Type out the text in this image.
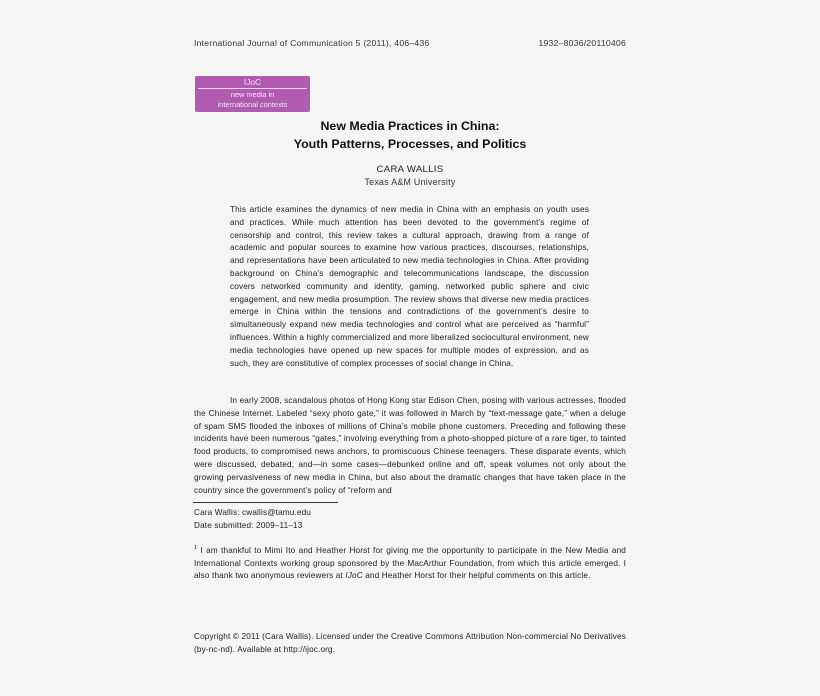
International Journal of Communication 5 (2011), 406–436	1932–8036/20110406
IJoC
new media in
international contexts
New Media Practices in China:
Youth Patterns, Processes, and Politics
CARA WALLIS
Texas A&M University

This article examines the dynamics of new media in China with an emphasis on youth uses and practices. While much attention has been devoted to the government’s regime of censorship and control, this review takes a cultural approach, drawing from a range of academic and popular sources to examine how various practices, discourses, relationships, and representations have been articulated to new media technologies in China. After providing background on China’s demographic and telecommunications landscape, the discussion covers networked community and identity, gaming, networked public sphere and civic engagement, and new media prosumption. The review shows that diverse new media practices emerge in China within the tensions and contradictions of the government’s desire to simultaneously expand new media technologies and control what are perceived as “harmful” influences. Within a highly commercialized and more liberalized sociocultural environment, new media technologies have opened up new spaces for multiple modes of expression, and as such, they are constitutive of complex processes of social change in China.

In early 2008, scandalous photos of Hong Kong star Edison Chen, posing with various actresses, flooded the Chinese Internet. Labeled “sexy photo gate,” it was followed in March by “text-message gate,” when a deluge of spam SMS flooded the inboxes of millions of China’s mobile phone customers. Preceding and following these incidents have been numerous “gates,” involving everything from a photo-shopped picture of a rare tiger, to tainted food products, to compromised news anchors, to promiscuous Chinese teenagers. These disparate events, which were discussed, debated, and—in some cases—debunked online and off, speak volumes not only about the growing pervasiveness of new media in China, but also about the dramatic changes that have taken place in the country since the government’s policy of “reform and

Cara Wallis: cwallis@tamu.edu
Date submitted: 2009–11–13

$^1$ I am thankful to Mimi Ito and Heather Horst for giving me the opportunity to participate in the New Media and International Contexts working group sponsored by the MacArthur Foundation, from which this article emerged. I also thank two anonymous reviewers at IJoC and Heather Horst for their helpful comments on this article.

Copyright © 2011 (Cara Wallis). Licensed under the Creative Commons Attribution Non-commercial No Derivatives (by-nc-nd). Available at http://ijoc.org.
